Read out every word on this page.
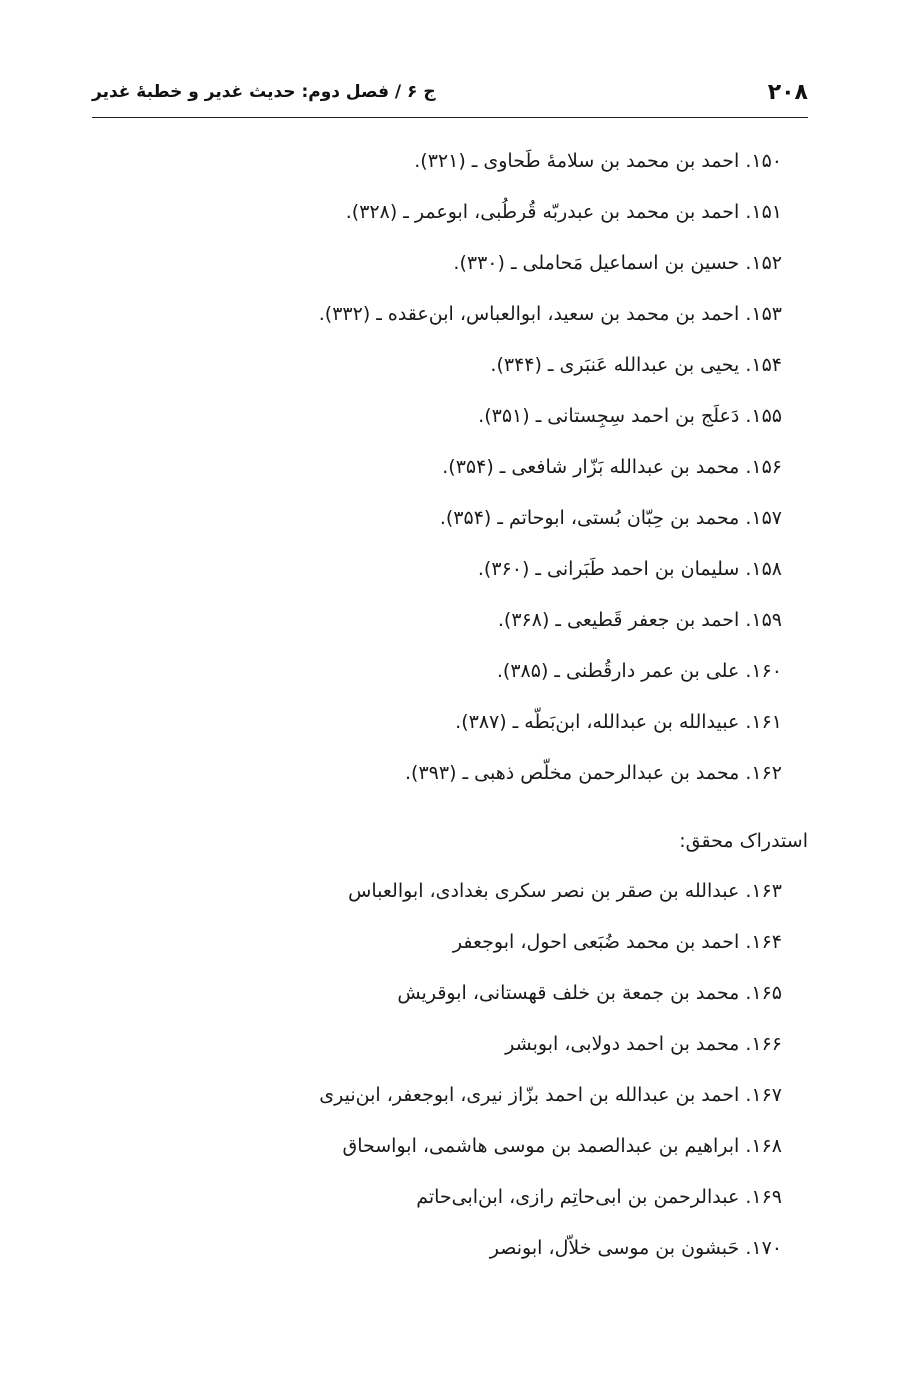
۲۰۸
ج ۶ / فصل دوم: حدیث غدیر و خطبهٔ غدیر
۱۵۰. احمد بن محمد بن سلامهٔ طَحاوی ـ (۳۲۱).
۱۵۱. احمد بن محمد بن عبدربّه قُرطُبی، ابوعمر ـ (۳۲۸).
۱۵۲. حسین بن اسماعیل مَحاملی ـ (۳۳۰).
۱۵۳. احمد بن محمد بن سعید، ابوالعباس، ابن‌عقده ـ (۳۳۲).
۱۵۴. یحیی بن عبدالله عَنبَری ـ (۳۴۴).
۱۵۵. دَعلَج بن احمد سِجِستانی ـ (۳۵۱).
۱۵۶. محمد بن عبدالله بَزّار شافعی ـ (۳۵۴).
۱۵۷. محمد بن حِبّان بُستی، ابوحاتم ـ (۳۵۴).
۱۵۸. سلیمان بن احمد طَبَرانی ـ (۳۶۰).
۱۵۹. احمد بن جعفر قَطیعی ـ (۳۶۸).
۱۶۰. علی بن عمر دارقُطنی ـ (۳۸۵).
۱۶۱. عبیدالله بن عبدالله، ابن‌بَطّه ـ (۳۸۷).
۱۶۲. محمد بن عبدالرحمن مخلّص ذهبی ـ (۳۹۳).
استدراک محقق:
۱۶۳. عبدالله بن صقر بن نصر سکری بغدادی، ابوالعباس
۱۶۴. احمد بن محمد ضُبَعی احول، ابوجعفر
۱۶۵. محمد بن جمعة بن خلف قهستانی، ابوقریش
۱۶۶. محمد بن احمد دولابی، ابوبشر
۱۶۷. احمد بن عبدالله بن احمد بزّاز نیری، ابوجعفر، ابن‌نیری
۱۶۸. ابراهیم بن عبدالصمد بن موسی هاشمی، ابواسحاق
۱۶۹. عبدالرحمن بن ابی‌حاتِم رازی، ابن‌ابی‌حاتم
۱۷۰. حَبشون بن موسی خلاّل، ابونصر
